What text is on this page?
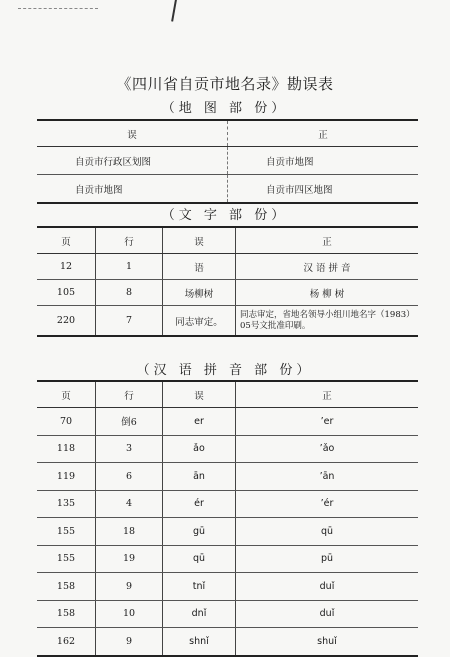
《四川省自贡市地名录》勘误表
（地 图 部 份）
误	正
自贡市行政区划图	自贡市地图
自贡市地图	自贡市四区地图
（文 字 部 份）
页	行	误	正
12	1	语	汉 语 拼 音
105	8	场柳树	杨 柳 树
220	7	同志审定。	同志审定，省地名领导小组川地名字（1983）05号文批准印刷。
（汉 语 拼 音 部 份）
页	行	误	正
70	倒6	er	’er
118	3	ǎo	’ǎo
119	6	ān	’ān
135	4	ér	’ér
155	18	gū	qū
155	19	qū	pū
158	9	tnǐ	duǐ
158	10	dnǐ	duǐ
162	9	shnǐ	shuǐ
